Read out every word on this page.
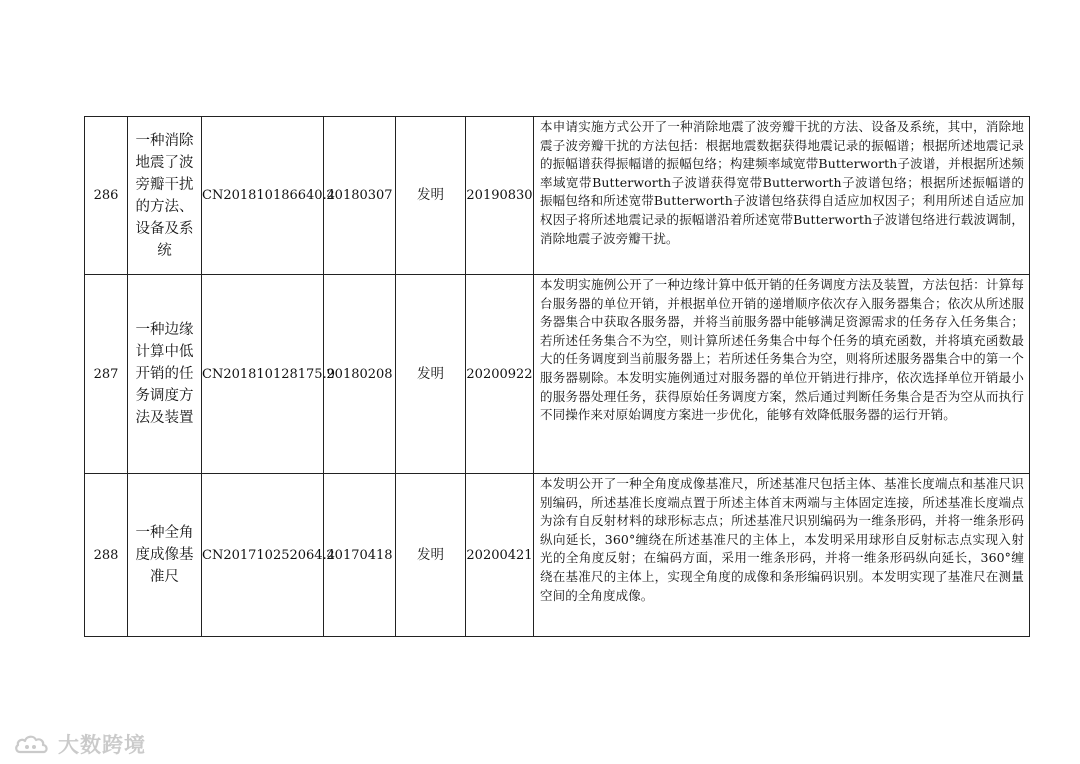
286	一种消除地震了波旁瓣干扰的方法、设备及系统	CN201810186640.4	20180307	发明	20190830	本申请实施方式公开了一种消除地震了波旁瓣干扰的方法、设备及系统，其中，消除地震子波旁瓣干扰的方法包括：根据地震数据获得地震记录的振幅谱；根据所述地震记录的振幅谱获得振幅谱的振幅包络；构建频率域宽带Butterworth子波谱，并根据所述频率域宽带Butterworth子波谱获得宽带Butterworth子波谱包络；根据所述振幅谱的振幅包络和所述宽带Butterworth子波谱包络获得自适应加权因子；利用所述自适应加权因子将所述地震记录的振幅谱沿着所述宽带Butterworth子波谱包络进行载波调制，消除地震子波旁瓣干扰。
287	一种边缘计算中低开销的任务调度方法及装置	CN201810128175.9	20180208	发明	20200922	本发明实施例公开了一种边缘计算中低开销的任务调度方法及装置，方法包括：计算每台服务器的单位开销，并根据单位开销的递增顺序依次存入服务器集合；依次从所述服务器集合中获取各服务器，并将当前服务器中能够满足资源需求的任务存入任务集合；若所述任务集合不为空，则计算所述任务集合中每个任务的填充函数，并将填充函数最大的任务调度到当前服务器上；若所述任务集合为空，则将所述服务器集合中的第一个服务器剔除。本发明实施例通过对服务器的单位开销进行排序，依次选择单位开销最小的服务器处理任务，获得原始任务调度方案，然后通过判断任务集合是否为空从而执行不同操作来对原始调度方案进一步优化，能够有效降低服务器的运行开销。
288	一种全角度成像基准尺	CN201710252064.4	20170418	发明	20200421	本发明公开了一种全角度成像基准尺，所述基准尺包括主体、基准长度端点和基准尺识别编码，所述基准长度端点置于所述主体首末两端与主体固定连接，所述基准长度端点为涂有自反射材料的球形标志点；所述基准尺识别编码为一维条形码，并将一维条形码纵向延长，360°缠绕在所述基准尺的主体上，本发明采用球形自反射标志点实现入射光的全角度反射；在编码方面，采用一维条形码，并将一维条形码纵向延长，360°缠绕在基准尺的主体上，实现全角度的成像和条形编码识别。本发明实现了基准尺在测量空间的全角度成像。
大数跨境
